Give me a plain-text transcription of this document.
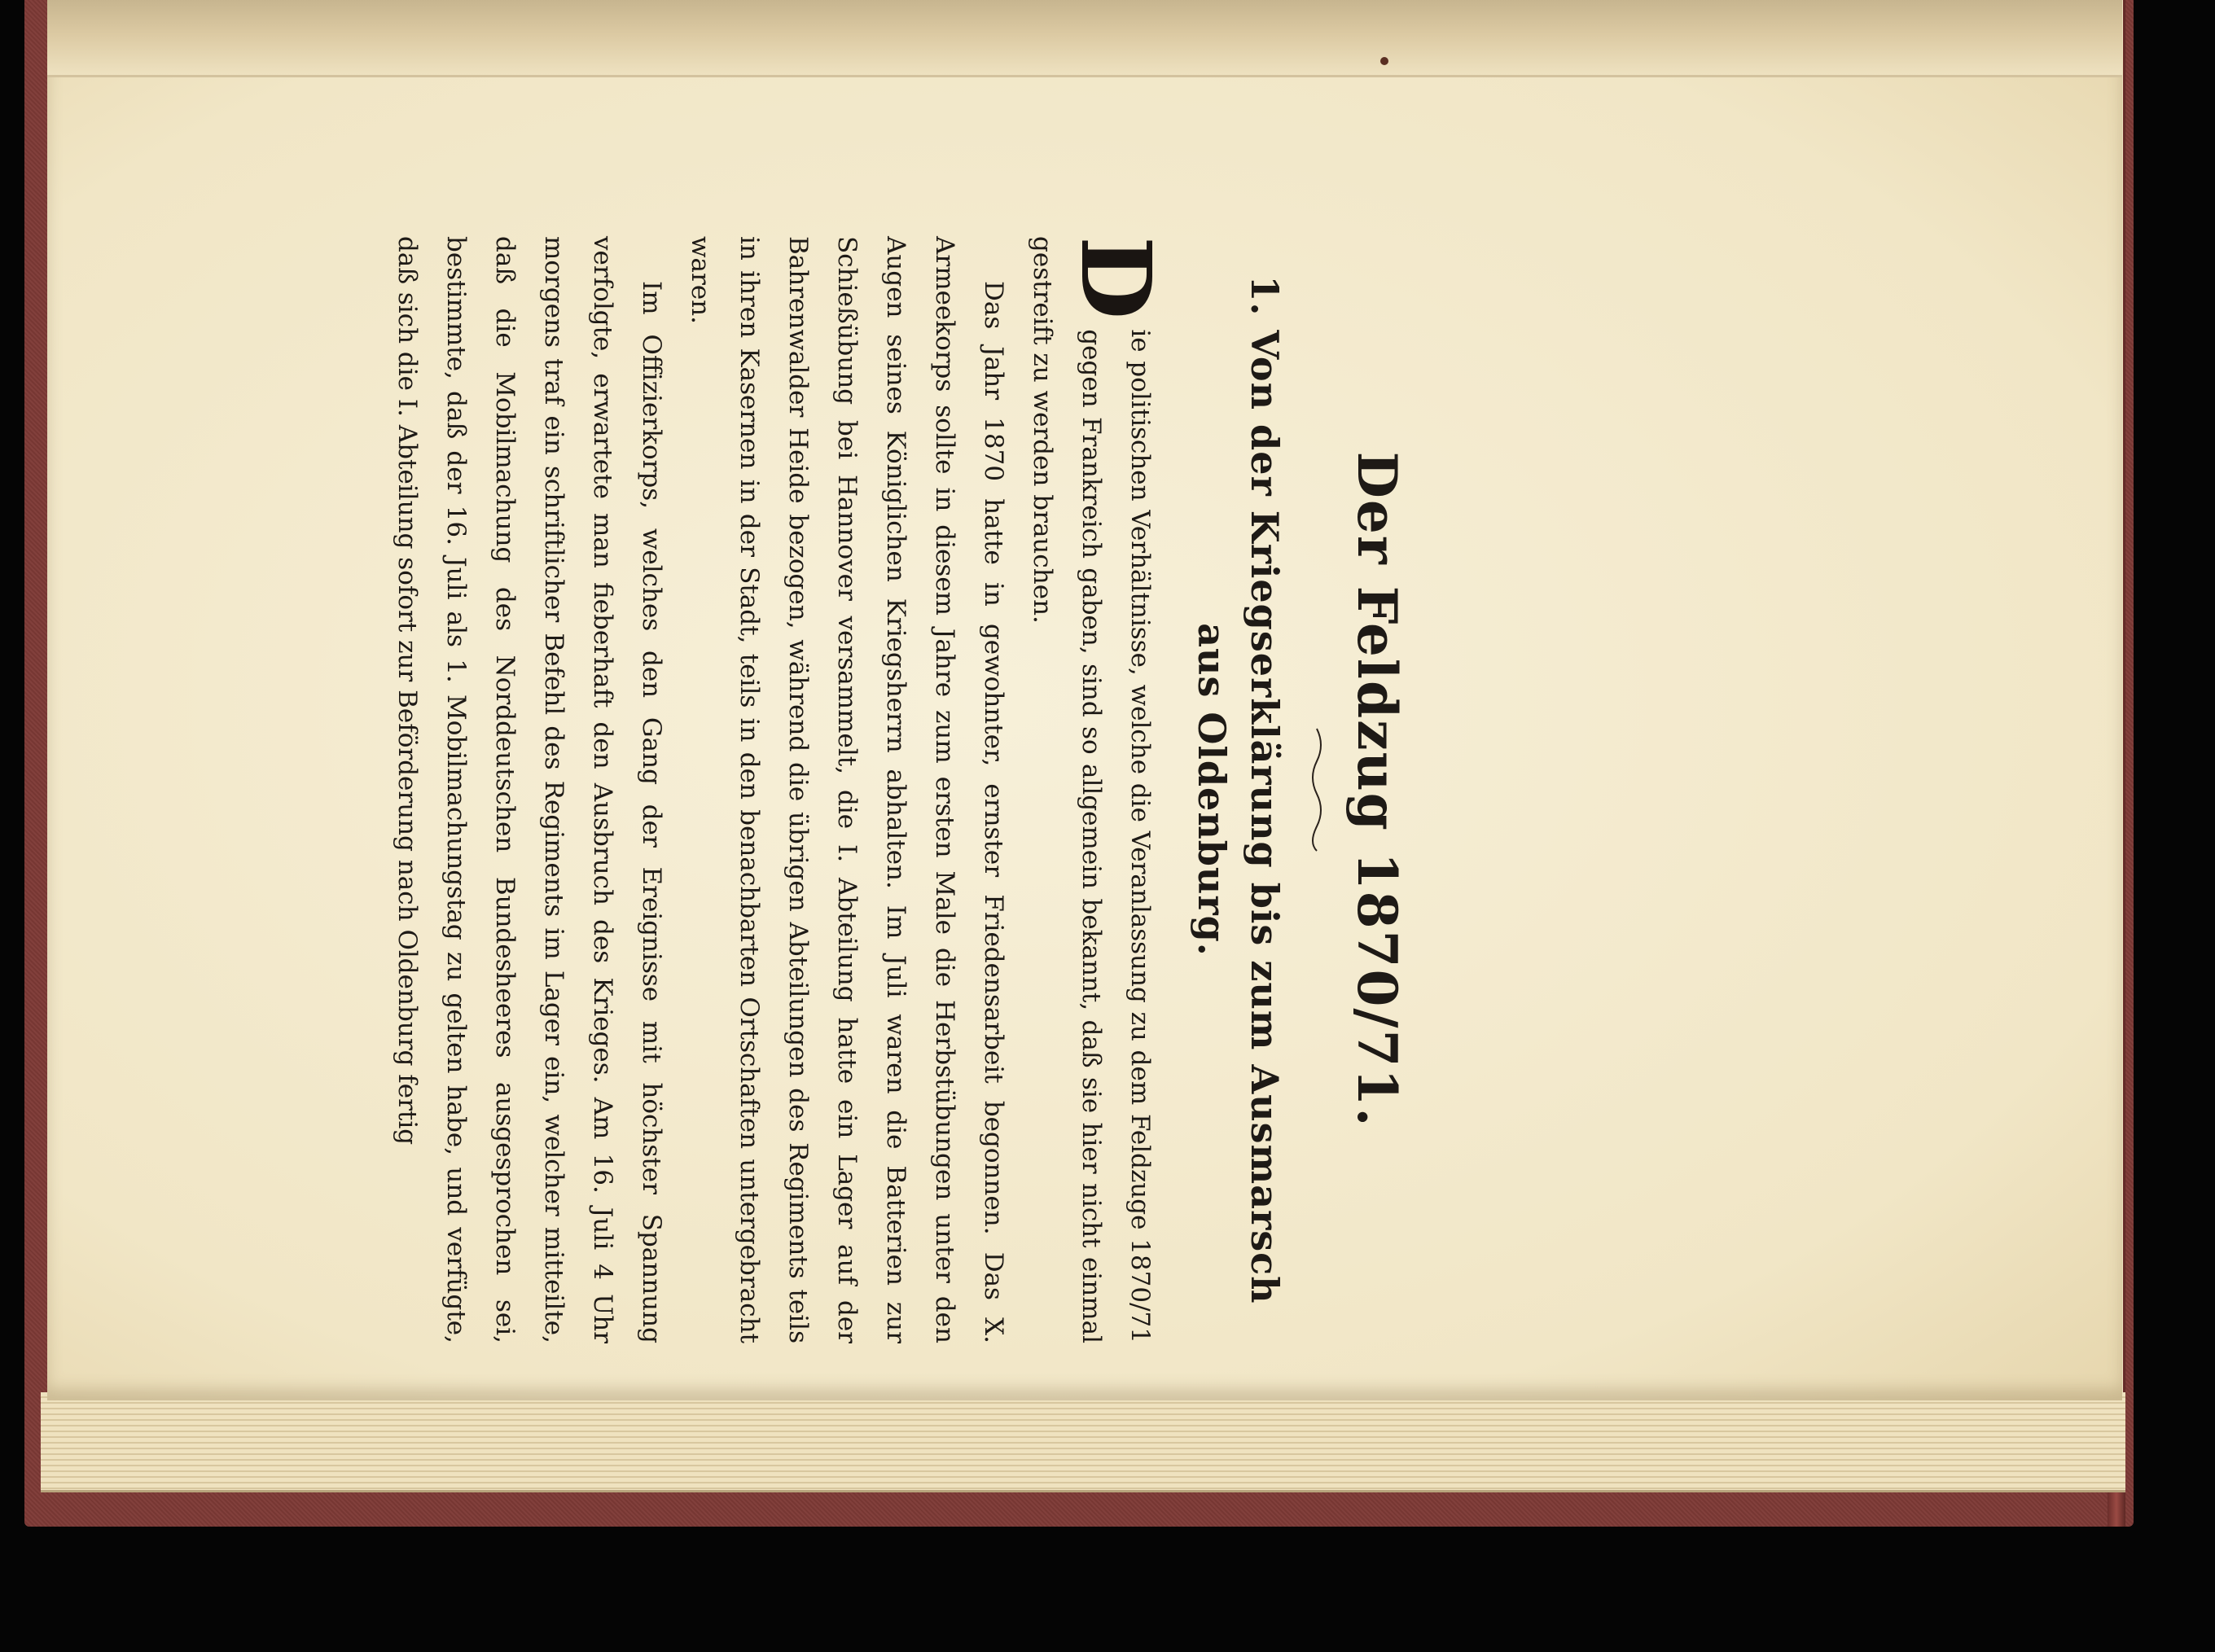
Der Feldzug 1870/71.
1. Von der Kriegserklärung bis zum Ausmarsch
aus Oldenburg.

D
ie politischen Verhältnisse, welche die Veranlassung zu dem Feldzuge 1870/71 gegen Frankreich gaben, sind so allgemein bekannt, daß sie hier nicht einmal gestreift zu werden brauchen.

Das Jahr 1870 hatte in gewohnter, ernster Friedensarbeit begonnen. Das X. Armeekorps sollte in diesem Jahre zum ersten Male die Herbstübungen unter den Augen seines Königlichen Kriegsherrn abhalten. Im Juli waren die Batterien zur Schießübung bei Hannover versammelt, die I. Abteilung hatte ein Lager auf der Bahrenwalder Heide bezogen, während die übrigen Abteilungen des Regiments teils in ihren Kasernen in der Stadt, teils in den benachbarten Ortschaften untergebracht waren.

Im Offizierkorps, welches den Gang der Ereignisse mit höchster Spannung verfolgte, erwartete man fieberhaft den Ausbruch des Krieges. Am 16. Juli 4 Uhr morgens traf ein schriftlicher Befehl des Regiments im Lager ein, welcher mitteilte, daß die Mobilmachung des Norddeutschen Bundesheeres ausgesprochen sei, bestimmte, daß der 16. Juli als 1. Mobilmachungstag zu gelten habe, und verfügte, daß sich die I. Abteilung sofort zur Beförderung nach Oldenburg fertig
